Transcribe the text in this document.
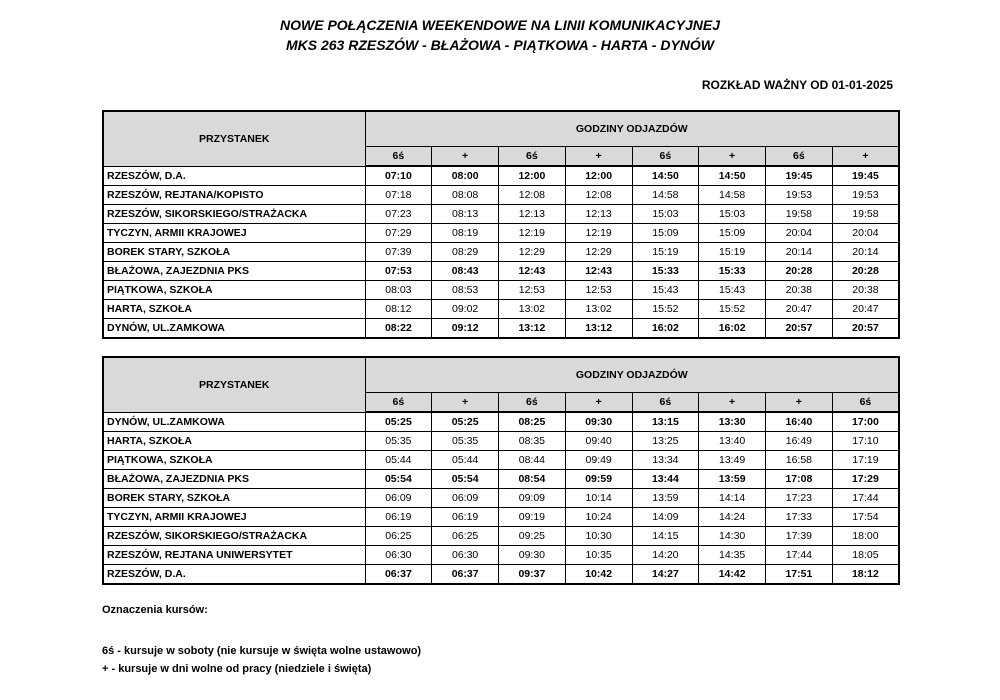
NOWE POŁĄCZENIA WEEKENDOWE NA LINII KOMUNIKACYJNEJ
MKS 263 RZESZÓW - BŁAŻOWA - PIĄTKOWA - HARTA - DYNÓW
ROZKŁAD WAŻNY OD 01-01-2025
PRZYSTANEK	GODZINY ODJAZDÓW							
	6ś	+	6ś	+	6ś	+	6ś	+
RZESZÓW, D.A.	07:10	08:00	12:00	12:00	14:50	14:50	19:45	19:45
RZESZÓW, REJTANA/KOPISTO	07:18	08:08	12:08	12:08	14:58	14:58	19:53	19:53
RZESZÓW, SIKORSKIEGO/STRAŻACKA	07:23	08:13	12:13	12:13	15:03	15:03	19:58	19:58
TYCZYN, ARMII KRAJOWEJ	07:29	08:19	12:19	12:19	15:09	15:09	20:04	20:04
BOREK STARY, SZKOŁA	07:39	08:29	12:29	12:29	15:19	15:19	20:14	20:14
BŁAŻOWA, ZAJEZDNIA PKS	07:53	08:43	12:43	12:43	15:33	15:33	20:28	20:28
PIĄTKOWA, SZKOŁA	08:03	08:53	12:53	12:53	15:43	15:43	20:38	20:38
HARTA, SZKOŁA	08:12	09:02	13:02	13:02	15:52	15:52	20:47	20:47
DYNÓW, UL.ZAMKOWA	08:22	09:12	13:12	13:12	16:02	16:02	20:57	20:57
PRZYSTANEK	GODZINY ODJAZDÓW							
	6ś	+	6ś	+	6ś	+	+	6ś
DYNÓW, UL.ZAMKOWA	05:25	05:25	08:25	09:30	13:15	13:30	16:40	17:00
HARTA, SZKOŁA	05:35	05:35	08:35	09:40	13:25	13:40	16:49	17:10
PIĄTKOWA, SZKOŁA	05:44	05:44	08:44	09:49	13:34	13:49	16:58	17:19
BŁAŻOWA, ZAJEZDNIA PKS	05:54	05:54	08:54	09:59	13:44	13:59	17:08	17:29
BOREK STARY, SZKOŁA	06:09	06:09	09:09	10:14	13:59	14:14	17:23	17:44
TYCZYN, ARMII KRAJOWEJ	06:19	06:19	09:19	10:24	14:09	14:24	17:33	17:54
RZESZÓW, SIKORSKIEGO/STRAŻACKA	06:25	06:25	09:25	10:30	14:15	14:30	17:39	18:00
RZESZÓW, REJTANA UNIWERSYTET	06:30	06:30	09:30	10:35	14:20	14:35	17:44	18:05
RZESZÓW, D.A.	06:37	06:37	09:37	10:42	14:27	14:42	17:51	18:12
Oznaczenia kursów:
6ś - kursuje w soboty (nie kursuje w święta wolne ustawowo)
+ - kursuje w dni wolne od pracy (niedziele i święta)
